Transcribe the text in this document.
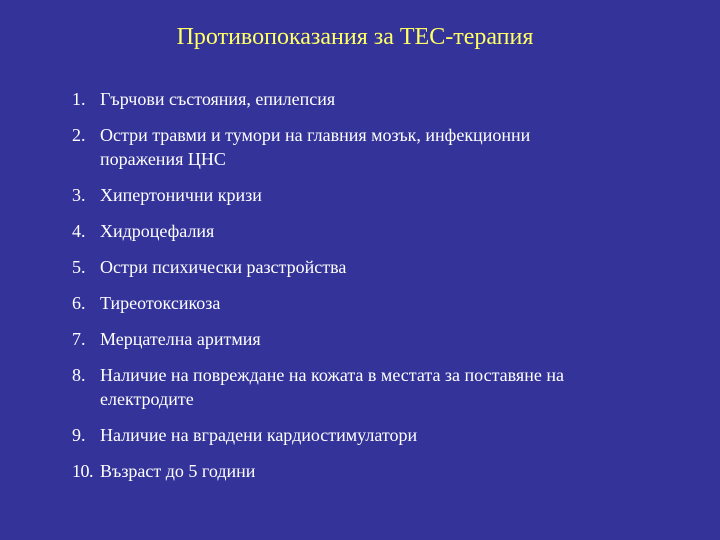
Противопоказания за ТЕС-терапия
1. Гърчови състояния, епилепсия
2. Остри травми и тумори на главния мозък, инфекционни поражения ЦНС
3. Хипертонични кризи
4. Хидроцефалия
5. Остри психически разстройства
6. Тиреотоксикоза
7. Мерцателна аритмия
8. Наличие на повреждане на кожата в местата за поставяне на електродите
9. Наличие на вградени кардиостимулатори
10. Възраст до 5 години
